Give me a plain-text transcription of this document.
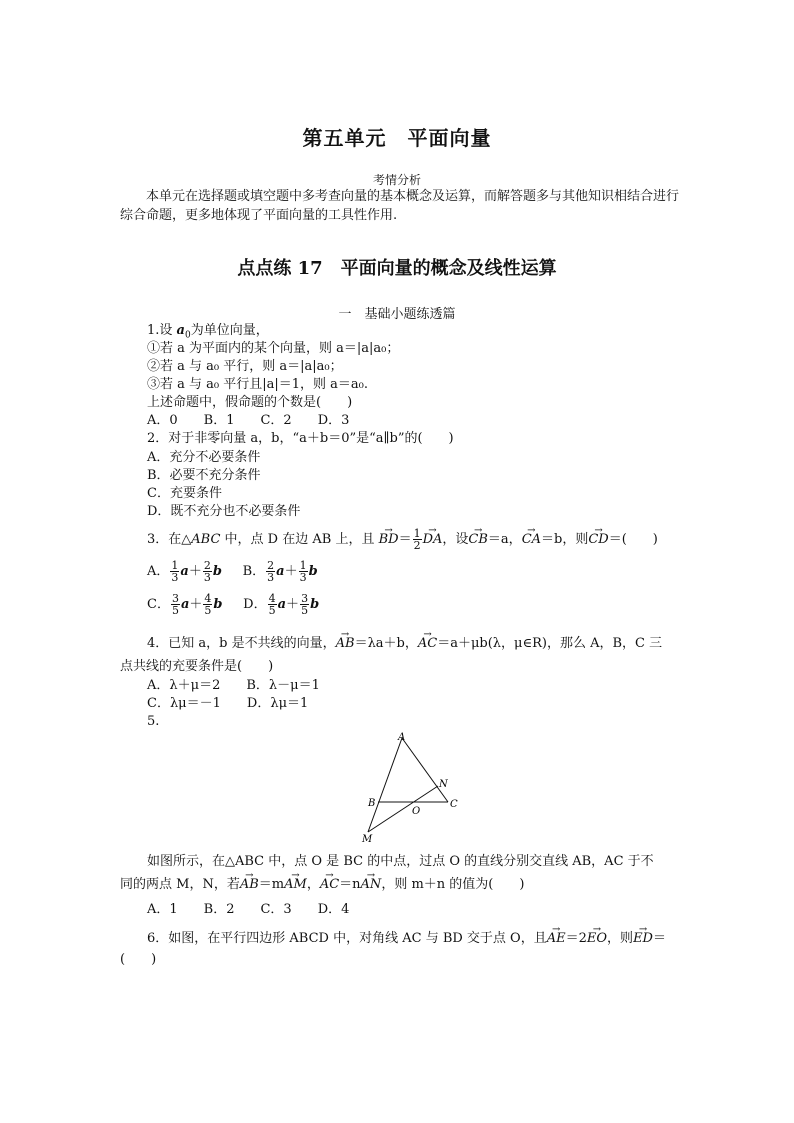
第五单元　平面向量
考情分析
本单元在选择题或填空题中多考查向量的基本概念及运算，而解答题多与其他知识相结合进行综合命题，更多地体现了平面向量的工具性作用.
点点练 17　平面向量的概念及线性运算
一　基础小题练透篇
1.设 $a_0$为单位向量，
①若 a 为平面内的某个向量，则 a＝|a|a₀；
②若 a 与 a₀ 平行，则 a＝|a|a₀；
③若 a 与 a₀ 平行且|a|＝1，则 a＝a₀.
上述命题中，假命题的个数是(　　)
A．0　　B．1　　C．2　　D．3
2．对于非零向量 a，b，“a＋b＝0”是“a∥b”的(　　)
A．充分不必要条件
B．必要不充分条件
C．充要条件
D．既不充分也不必要条件
3．在△ABC 中，点 D 在边 AB 上，且 → $BD= \frac{1}{2}$ → DA，设→ CB＝a，→ CA＝b，则→ CD＝(　　)
A． $\frac{1}{3} a+ \frac{2}{3}$ b B． $\frac{2}{3} a+ \frac{1}{3}$ b
C． $\frac{3}{5} a+ \frac{4}{5}$ b D． $\frac{4}{5} a+ \frac{3}{5}$ b
4．已知 a，b 是不共线的向量，→ AB＝λa＋b，→ AC＝a＋μb(λ，μ∈R)，那么 A，B，C 三
点共线的充要条件是(　　)
A．λ＋μ＝2　　B．λ－μ＝1
C．λμ＝－1　　D．λμ＝1
5.
A
B	C
N
O
M
如图所示，在△ABC 中，点 O 是 BC 的中点，过点 O 的直线分别交直线 AB，AC 于不
同的两点 M，N，若→ AB＝m→ AM，→ AC＝n→ AN，则 m＋n 的值为(　　)
A．1　　B．2　　C．3　　D．4
6．如图，在平行四边形 ABCD 中，对角线 AC 与 BD 交于点 O，且→ AE＝2→ EO，则→ ED＝
(　　)
